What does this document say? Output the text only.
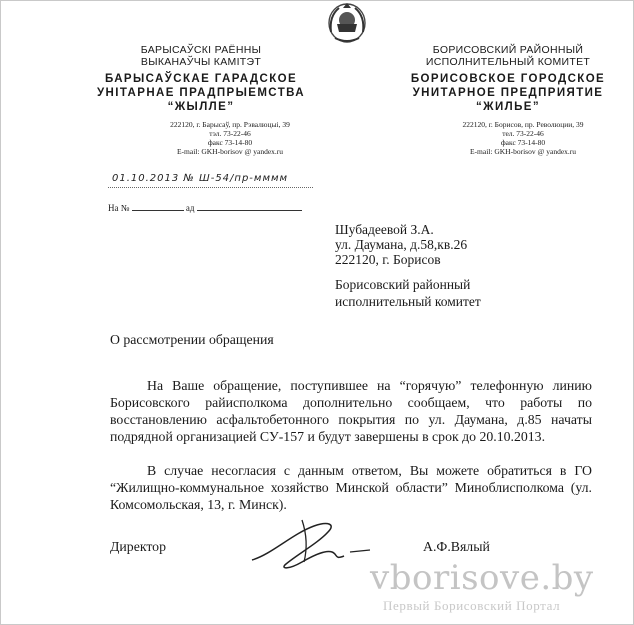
БАРЫСАЎСКІ РАЁННЫ
ВЫКАНАЎЧЫ КАМІТЭТ
БАРЫСАЎСКАЕ ГАРАДСКОЕ
УНІТАРНАЕ ПРАДПРЫЕМСТВА
“ЖЫЛЛЕ”
222120, г. Барысаў, пр. Рэвалюцыі, 39
тэл. 73-22-46
факс 73-14-80
E-mail: GKH-borisov @ yandex.ru
БОРИСОВСКИЙ РАЙОННЫЙ
ИСПОЛНИТЕЛЬНЫЙ КОМИТЕТ
БОРИСОВСКОЕ ГОРОДСКОЕ
УНИТАРНОЕ ПРЕДПРИЯТИЕ
“ЖИЛЬЕ”
222120, г. Борисов, пр. Революции, 39
тел. 73-22-46
факс 73-14-80
E-mail: GKH-borisov @ yandex.ru
01.10.2013 № Ш-54/пр-мммм
На №	ад
Шубадеевой З.А.
ул. Даумана, д.58,кв.26
222120, г. Борисов
Борисовский районный
исполнительный комитет
О рассмотрении обращения
На Ваше обращение, поступившее на “горячую” телефонную линию Борисовского райисполкома дополнительно сообщаем, что работы по восстановлению асфальтобетонного покрытия по ул. Даумана, д.85 начаты подрядной организацией СУ-157 и будут завершены в срок до 20.10.2013.
В случае несогласия с данным ответом, Вы можете обратиться в ГО “Жилищно-коммунальное хозяйство Минской области” Миноблисполкома (ул. Комсомольская, 13, г. Минск).
Директор	А.Ф.Вялый
vborisove.by
Первый Борисовский Портал
